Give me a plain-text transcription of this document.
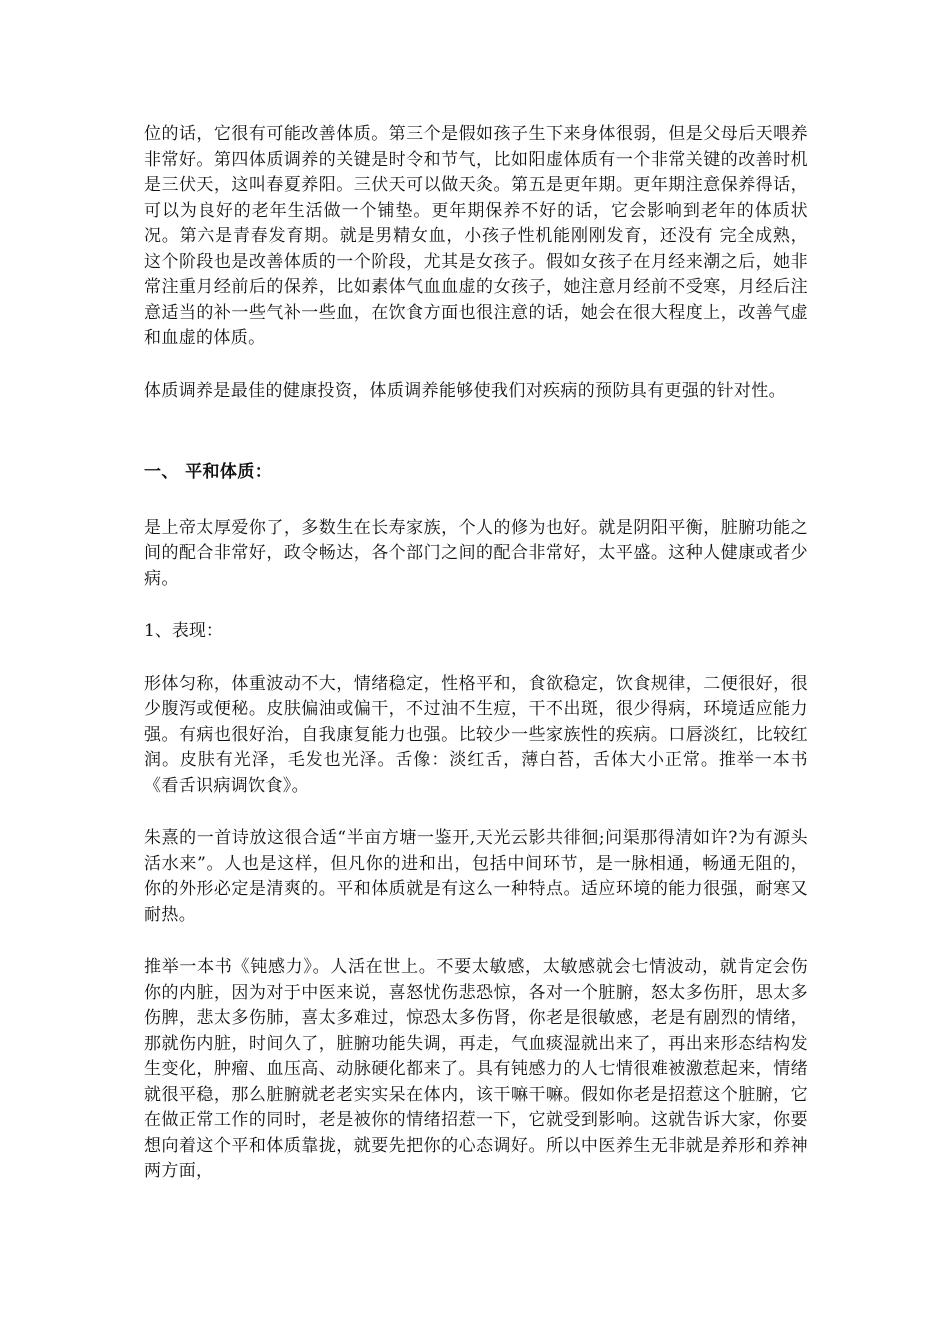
位的话，它很有可能改善体质。第三个是假如孩子生下来身体很弱，但是父母后天喂养非常好。第四体质调养的关键是时令和节气，比如阳虚体质有一个非常关键的改善时机是三伏天，这叫春夏养阳。三伏天可以做天灸。第五是更年期。更年期注意保养得话，可以为良好的老年生活做一个铺垫。更年期保养不好的话，它会影响到老年的体质状况。第六是青春发育期。就是男精女血，小孩子性机能刚刚发育，还没有 完全成熟，这个阶段也是改善体质的一个阶段，尤其是女孩子。假如女孩子在月经来潮之后，她非常注重月经前后的保养，比如素体气血血虚的女孩子，她注意月经前不受寒，月经后注意适当的补一些气补一些血，在饮食方面也很注意的话，她会在很大程度上，改善气虚和血虚的体质。

体质调养是最佳的健康投资，体质调养能够使我们对疾病的预防具有更强的针对性。

一、 平和体质：

是上帝太厚爱你了，多数生在长寿家族，个人的修为也好。就是阴阳平衡，脏腑功能之间的配合非常好，政令畅达，各个部门之间的配合非常好，太平盛。这种人健康或者少病。

1、表现：

形体匀称，体重波动不大，情绪稳定，性格平和，食欲稳定，饮食规律，二便很好，很少腹泻或便秘。皮肤偏油或偏干，不过油不生痘，干不出斑，很少得病，环境适应能力强。有病也很好治，自我康复能力也强。比较少一些家族性的疾病。口唇淡红，比较红润。皮肤有光泽，毛发也光泽。舌像：淡红舌，薄白苔，舌体大小正常。推举一本书《看舌识病调饮食》。

朱熹的一首诗放这很合适“半亩方塘一鉴开,天光云影共徘徊;问渠那得清如许?为有源头活水来”。人也是这样，但凡你的进和出，包括中间环节，是一脉相通，畅通无阻的，你的外形必定是清爽的。平和体质就是有这么一种特点。适应环境的能力很强，耐寒又耐热。

推举一本书《钝感力》。人活在世上。不要太敏感，太敏感就会七情波动，就肯定会伤你的内脏，因为对于中医来说，喜怒忧伤悲恐惊，各对一个脏腑，怒太多伤肝，思太多伤脾，悲太多伤肺，喜太多难过，惊恐太多伤肾，你老是很敏感，老是有剧烈的情绪，那就伤内脏，时间久了，脏腑功能失调，再走，气血痰湿就出来了，再出来形态结构发生变化，肿瘤、血压高、动脉硬化都来了。具有钝感力的人七情很难被激惹起来，情绪就很平稳，那么脏腑就老老实实呆在体内，该干嘛干嘛。假如你老是招惹这个脏腑，它在做正常工作的同时，老是被你的情绪招惹一下，它就受到影响。这就告诉大家，你要想向着这个平和体质靠拢，就要先把你的心态调好。所以中医养生无非就是养形和养神两方面，
